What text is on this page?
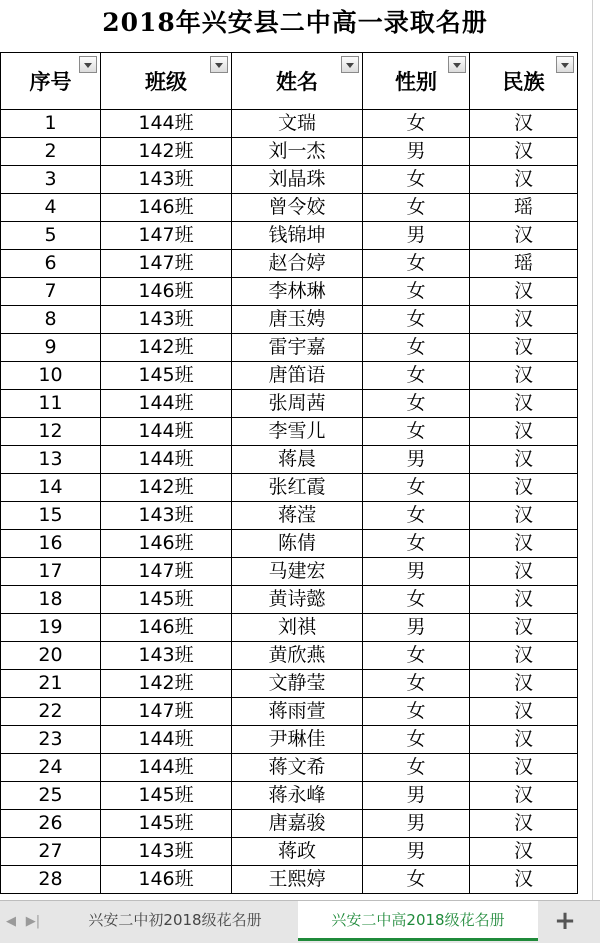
2018年兴安县二中高一录取名册
序号	班级	姓名	性别	民族

1	144班	文瑞	女	汉
2	142班	刘一杰	男	汉
3	143班	刘晶珠	女	汉
4	146班	曾令姣	女	瑶
5	147班	钱锦坤	男	汉
6	147班	赵合婷	女	瑶
7	146班	李林琳	女	汉
8	143班	唐玉娉	女	汉
9	142班	雷宇嘉	女	汉
10	145班	唐笛语	女	汉
11	144班	张周茜	女	汉
12	144班	李雪儿	女	汉
13	144班	蒋晨	男	汉
14	142班	张红霞	女	汉
15	143班	蒋滢	女	汉
16	146班	陈倩	女	汉
17	147班	马建宏	男	汉
18	145班	黄诗懿	女	汉
19	146班	刘祺	男	汉
20	143班	黄欣燕	女	汉
21	142班	文静莹	女	汉
22	147班	蒋雨萱	女	汉
23	144班	尹琳佳	女	汉
24	144班	蒋文希	女	汉
25	145班	蒋永峰	男	汉
26	145班	唐嘉骏	男	汉
27	143班	蒋政	男	汉
28	146班	王熙婷	女	汉
◀ ▶|	兴安二中初2018级花名册	兴安二中高2018级花名册	+
